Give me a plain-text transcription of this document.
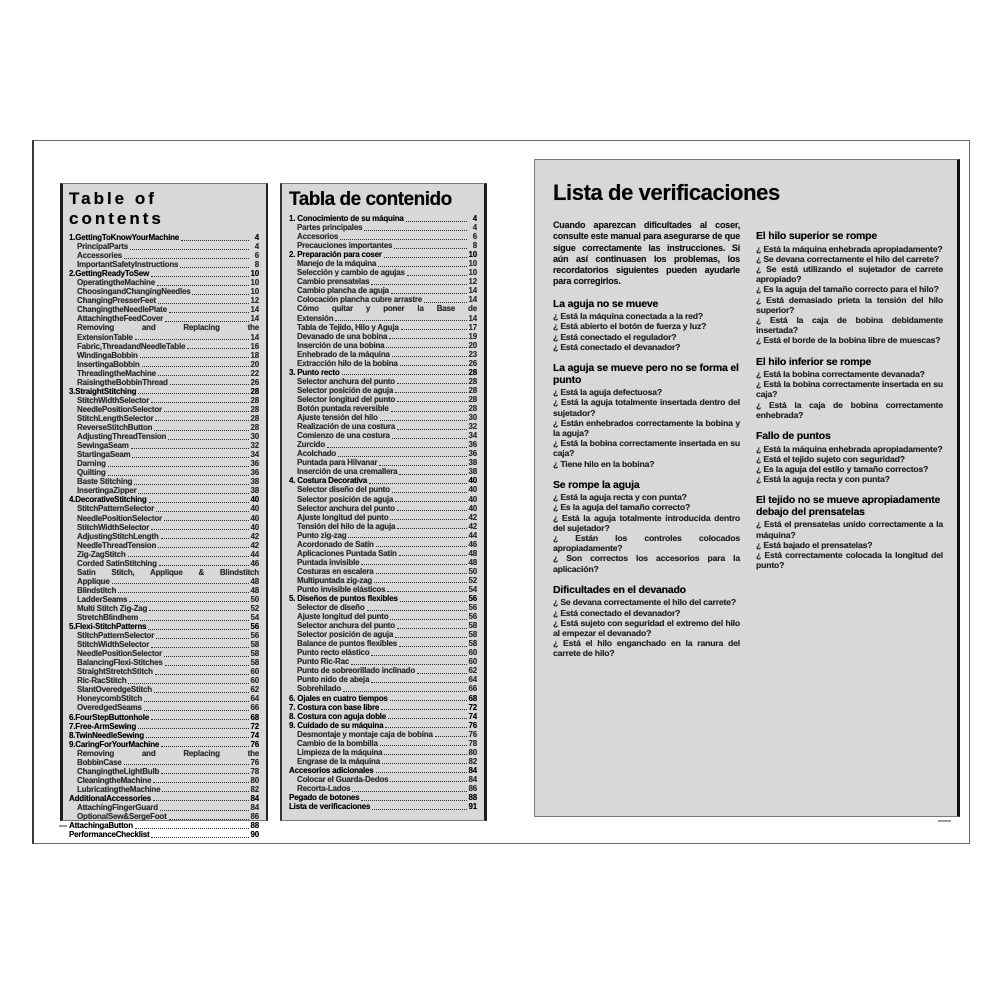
Table of contents
1.GettingToKnowYourMachine	4
PrincipalParts	4
Accessories	6
ImportantSafetyInstructions	8
2.GettingReadyToSew	10
OperatingtheMachine	10
ChoosingandChangingNeedles	10
ChangingPresserFeet	12
ChangingtheNeedlePlate	14
AttachingtheFeedCover	14
Removing and Replacing the
ExtensionTable	14
Fabric,ThreadandNeedleTable	16
WindingaBobbin	18
InsertingaBobbin	20
ThreadingtheMachine	22
RaisingtheBobbinThread	26
3.StraightStitching	28
StitchWidthSelector	28
NeedlePositionSelector	28
StitchLengthSelector	28
ReverseStitchButton	28
AdjustingThreadTension	30
SewingaSeam	32
StartingaSeam	34
Darning	36
Quilting	36
Baste Stitching	38
InsertingaZipper	38
4.DecorativeStitching	40
StitchPatternSelector	40
NeedlePositionSelector	40
StitchWidthSelector	40
AdjustingStitchLength	42
NeedleThreadTension	42
Zig-ZagStitch	44
Corded SatinStitching	46
Satin Stitch, Applique & Blindstitch
Applique	48
Blindstitch	48
LadderSeams	50
Multi Stitch Zig-Zag	52
StretchBlindhem	54
5.Flexi-StitchPatterns	56
StitchPatternSelector	56
StitchWidthSelector	58
NeedlePositionSelector	58
BalancingFlexi-Stitches	58
StraightStretchStitch	60
Ric-RacStitch	60
SlantOveredgeStitch	62
HoneycombStitch	64
OveredgedSeams	66
6.FourStepButtonhole	68
7.Free-ArmSewing	72
8.TwinNeedleSewing	74
9.CaringForYourMachine	76
Removing and Replacing the
BobbinCase	76
ChangingtheLightBulb	78
CleaningtheMachine	80
LubricatingtheMachine	82
AdditionalAccessories	84
AttachingFingerGuard	84
OptionalSew&SergeFoot	86
AttachingaButton	88
PerformanceChecklist	90
Tabla de contenido
1. Conocimiento de su máquina	4
Partes principales	4
Accesorios	6
Precauciones importantes	8
2. Preparación para coser	10
Manejo de la máquina	10
Selección y cambio de agujas	10
Cambio prensatelas	12
Cambio plancha de aguja	14
Colocación plancha cubre arrastre	14
Cómo quitar y poner la Base de
Extensión	14
Tabla de Tejido, Hilo y Aguja	17
Devanado de una bobina	19
Inserción de una bobina	20
Enhebrado de la máquina	23
Extracción hilo de la bobina	26
3. Punto recto	28
Selector anchura del punto	28
Selector posición de aguja	28
Selector longitud del punto	28
Botón puntada reversible	28
Ajuste tensión del hilo	30
Realización de una costura	32
Comienzo de una costura	34
Zurcido	36
Acolchado	36
Puntada para Hilvanar	38
Inserción de una cremallera	38
4. Costura Decorativa	40
Selector diseño del punto	40
Selector posición de aguja	40
Selector anchura del punto	40
Ajuste longitud del punto	42
Tensión del hilo de la aguja	42
Punto zig-zag	44
Acordonado de Satín	46
Aplicaciones Puntada Satín	48
Puntada invisible	48
Costuras en escalera	50
Multipuntada zig-zag	52
Punto invisible elásticos	54
5. Diseños de puntos flexibles	56
Selector de diseño	56
Ajuste longitud del punto	56
Selector anchura del punto	58
Selector posición de aguja	58
Balance de puntos flexibles	58
Punto recto elástico	60
Punto Ric-Rac	60
Punto de sobreorillado inclinado	62
Punto nido de abeja	64
Sobrehilado	66
6. Ojales en cuatro tiempos	68
7. Costura con base libre	72
8. Costura con aguja doble	74
9. Cuidado de su máquina	76
Desmontaje y montaje caja de bobina	76
Cambio de la bombilla	78
Limpieza de la máquina	80
Engrase de la máquina	82
Accesorios adicionales	84
Colocar el Guarda-Dedos	84
Recorta-Lados	86
Pegado de botones	88
Lista de verificaciones	91
Lista de verificaciones

Cuando aparezcan dificultades al coser, consulte este manual para asegurarse de que sigue correctamente las instrucciones. Si aún así continuasen los problemas, los recordatorios siguientes pueden ayudarle para corregirlos.

La aguja no se mueve

¿ Está la máquina conectada a la red?

¿ Está abierto el botón de fuerza y luz?

¿ Está conectado el regulador?

¿ Está conectado el devanador?

La aguja se mueve pero no se forma el punto

¿ Está la aguja defectuosa?

¿ Está la aguja totalmente insertada dentro del sujetador?

¿ Están enhebrados correctamente la bobina y la aguja?

¿ Está la bobina correctamente insertada en su caja?

¿ Tiene hilo en la bobina?

Se rompe la aguja

¿ Está la aguja recta y con punta?

¿ Es la aguja del tamaño correcto?

¿ Está la aguja totalmente introducida dentro del sujetador?

¿ Están los controles colocados apropiadamente?

¿ Son correctos los accesorios para la aplicación?

Dificultades en el devanado

¿ Se devana correctamente el hilo del carrete?

¿ Está conectado el devanador?

¿ Está sujeto con seguridad el extremo del hilo al empezar el devanado?

¿ Está el hilo enganchado en la ranura del carrete de hilo?

El hilo superior se rompe

¿ Está la máquina enhebrada apropiadamente?

¿ Se devana correctamente el hilo del carrete?

¿ Se está utilizando el sujetador de carrete apropiado?

¿ Es la aguja del tamaño correcto para el hilo?

¿ Está demasiado prieta la tensión del hilo superior?

¿ Está la caja de bobina debidamente insertada?

¿ Está el borde de la bobina libre de muescas?

El hilo inferior se rompe

¿ Está la bobina correctamente devanada?

¿ Está la bobina correctamente insertada en su caja?

¿ Está la caja de bobina correctamente enhebrada?

Fallo de puntos

¿ Está la máquina enhebrada apropiadamente?

¿ Está el tejido sujeto con seguridad?

¿ Es la aguja del estilo y tamaño correctos?

¿ Está la aguja recta y con punta?

El tejido no se mueve apropiadamente debajo del prensatelas

¿ Está el prensatelas unido correctamente a la máquina?

¿ Está bajado el prensatelas?

¿ Está correctamente colocada la longitud del punto?
